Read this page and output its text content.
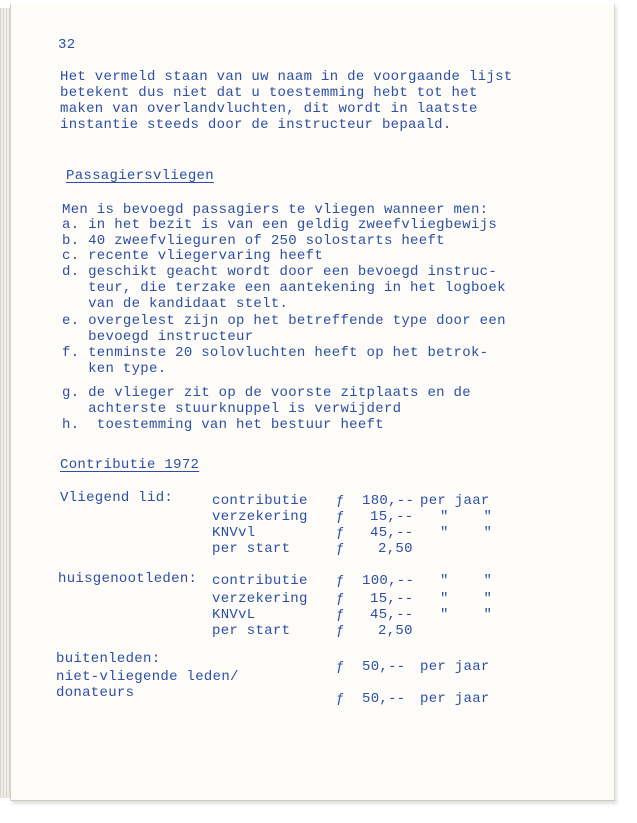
32
Het vermeld staan van uw naam in de voorgaande lijst
betekent dus niet dat u toestemming hebt tot het
maken van overlandvluchten, dit wordt in laatste
instantie steeds door de instructeur bepaald.
Passagiersvliegen
Men is bevoegd passagiers te vliegen wanneer men:
a. in het bezit is van een geldig zweefvliegbewijs
b. 40 zweefvlieguren of 250 solostarts heeft
c. recente vliegervaring heeft
d. geschikt geacht wordt door een bevoegd instruc-
teur, die terzake een aantekening in het logboek
van de kandidaat stelt.
e. overgelest zijn op het betreffende type door een
bevoegd instructeur
f. tenminste 20 solovluchten heeft op het betrok-
ken type.
g. de vlieger zit op de voorste zitplaats en de
achterste stuurknuppel is verwijderd
h.  toestemming van het bestuur heeft
Contributie 1972
Vliegend lid:	contributie ƒ 180,-- per jaar
verzekering ƒ 15,-- "    "
KNVvl	ƒ 45,-- "    "
per start	ƒ 2,50
huisgenootleden: contributie ƒ 100,-- "    "
verzekering ƒ 15,-- "    "
KNVvL	ƒ 45,-- "    "
per start	ƒ 2,50
buitenleden:	ƒ 50,-- per jaar
niet-vliegende leden/
donateurs	ƒ 50,-- per jaar
